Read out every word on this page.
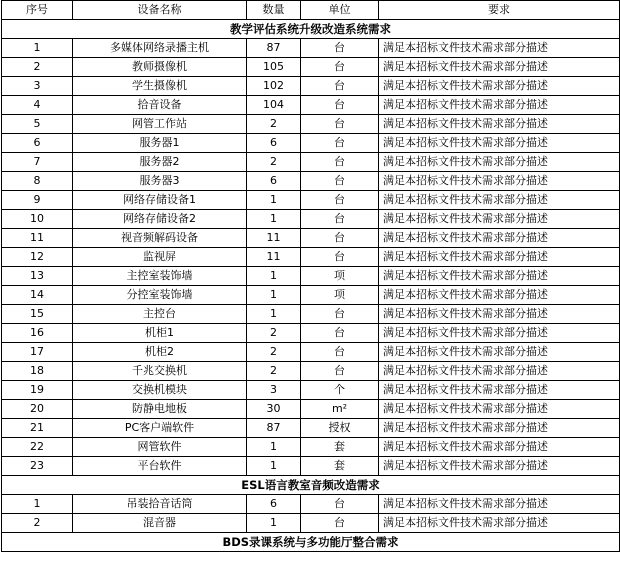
序号	设备名称	数量	单位	要求
教学评估系统升级改造系统需求				
1	多媒体网络录播主机	87	台	满足本招标文件技术需求部分描述
2	教师摄像机	105	台	满足本招标文件技术需求部分描述
3	学生摄像机	102	台	满足本招标文件技术需求部分描述
4	拾音设备	104	台	满足本招标文件技术需求部分描述
5	网管工作站	2	台	满足本招标文件技术需求部分描述
6	服务器1	6	台	满足本招标文件技术需求部分描述
7	服务器2	2	台	满足本招标文件技术需求部分描述
8	服务器3	6	台	满足本招标文件技术需求部分描述
9	网络存储设备1	1	台	满足本招标文件技术需求部分描述
10	网络存储设备2	1	台	满足本招标文件技术需求部分描述
11	视音频解码设备	11	台	满足本招标文件技术需求部分描述
12	监视屏	11	台	满足本招标文件技术需求部分描述
13	主控室装饰墙	1	项	满足本招标文件技术需求部分描述
14	分控室装饰墙	1	项	满足本招标文件技术需求部分描述
15	主控台	1	台	满足本招标文件技术需求部分描述
16	机柜1	2	台	满足本招标文件技术需求部分描述
17	机柜2	2	台	满足本招标文件技术需求部分描述
18	千兆交换机	2	台	满足本招标文件技术需求部分描述
19	交换机模块	3	个	满足本招标文件技术需求部分描述
20	防静电地板	30	m²	满足本招标文件技术需求部分描述
21	PC客户端软件	87	授权	满足本招标文件技术需求部分描述
22	网管软件	1	套	满足本招标文件技术需求部分描述
23	平台软件	1	套	满足本招标文件技术需求部分描述
ESL语言教室音频改造需求				
1	吊装拾音话筒	6	台	满足本招标文件技术需求部分描述
2	混音器	1	台	满足本招标文件技术需求部分描述
BDS录课系统与多功能厅整合需求				
